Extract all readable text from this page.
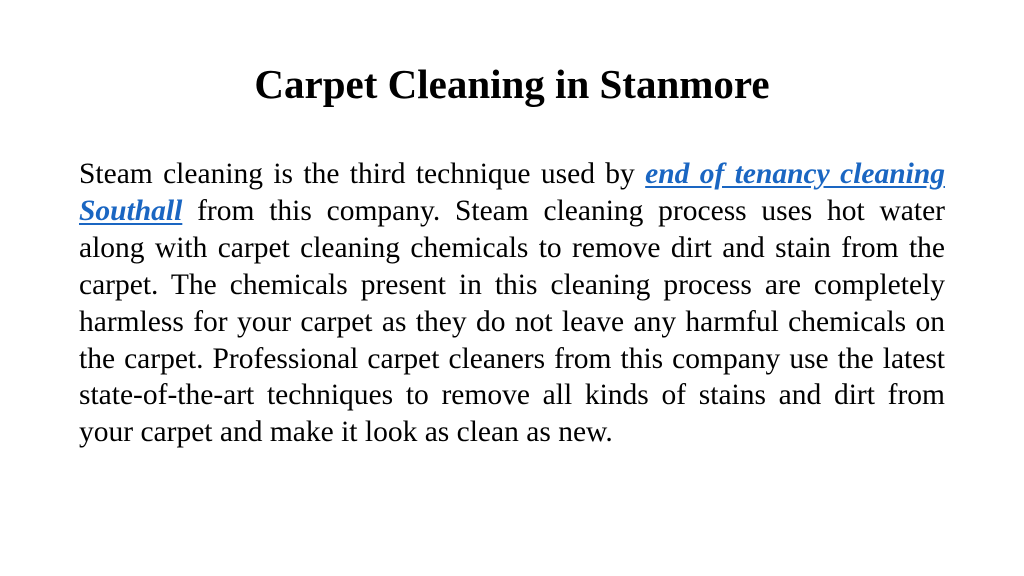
Carpet Cleaning in Stanmore

Steam cleaning is the third technique used by end of tenancy cleaning Southall from this company. Steam cleaning process uses hot water along with carpet cleaning chemicals to remove dirt and stain from the carpet. The chemicals present in this cleaning process are completely harmless for your carpet as they do not leave any harmful chemicals on the carpet. Professional carpet cleaners from this company use the latest state-of-the-art techniques to remove all kinds of stains and dirt from your carpet and make it look as clean as new.
